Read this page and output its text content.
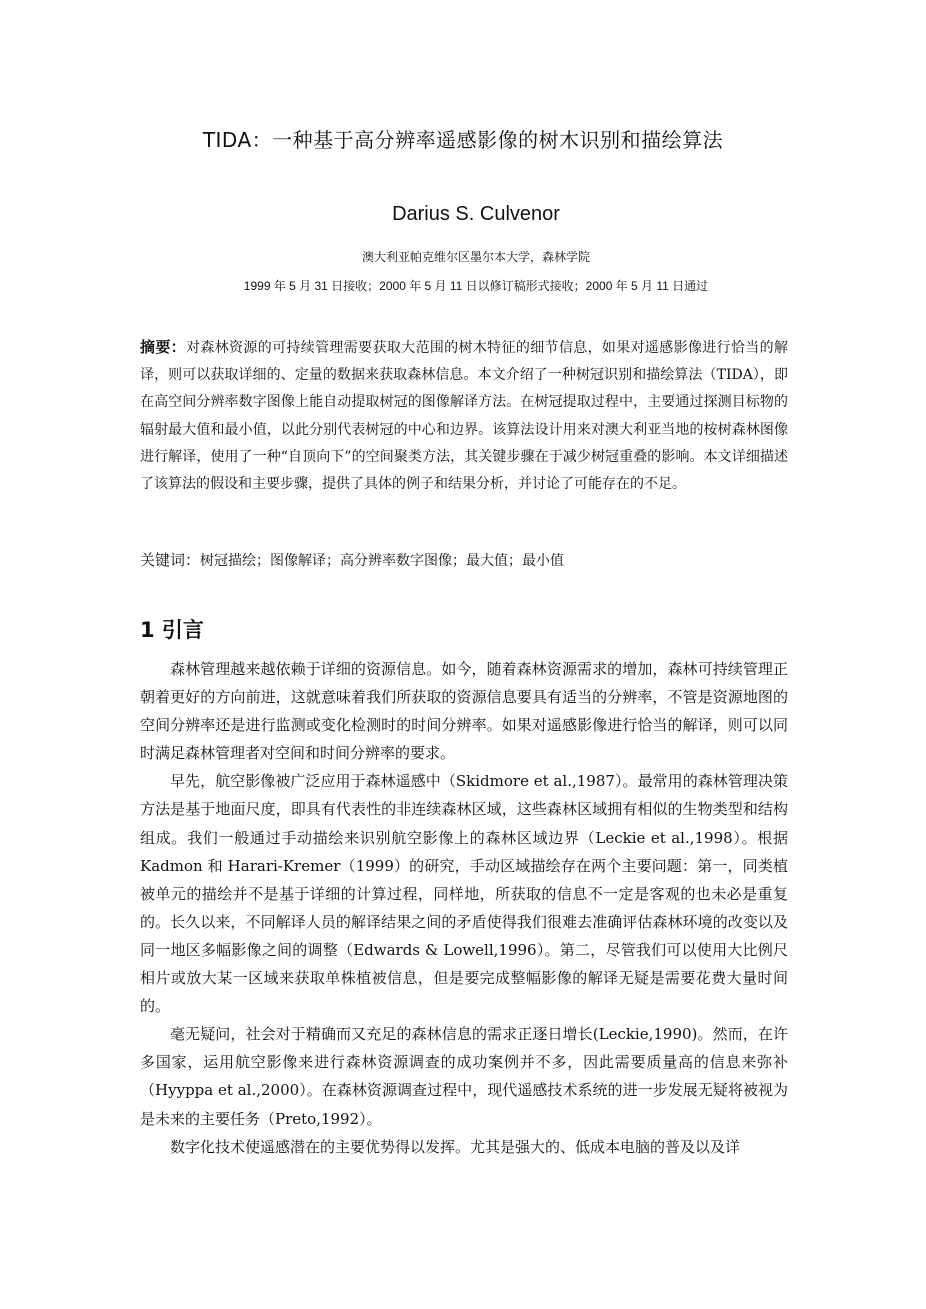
TIDA：一种基于高分辨率遥感影像的树木识别和描绘算法
Darius S. Culvenor
澳大利亚帕克维尔区墨尔本大学，森林学院
1999 年 5 月 31 日接收；2000 年 5 月 11 日以修订稿形式接收；2000 年 5 月 11 日通过
摘要：对森林资源的可持续管理需要获取大范围的树木特征的细节信息，如果对遥感影像进行恰当的解译，则可以获取详细的、定量的数据来获取森林信息。本文介绍了一种树冠识别和描绘算法（TIDA），即在高空间分辨率数字图像上能自动提取树冠的图像解译方法。在树冠提取过程中，主要通过探测目标物的辐射最大值和最小值，以此分别代表树冠的中心和边界。该算法设计用来对澳大利亚当地的桉树森林图像进行解译，使用了一种“自顶向下”的空间聚类方法，其关键步骤在于减少树冠重叠的影响。本文详细描述了该算法的假设和主要步骤，提供了具体的例子和结果分析，并讨论了可能存在的不足。
关键词：树冠描绘；图像解译；高分辨率数字图像；最大值；最小值
1 引言

森林管理越来越依赖于详细的资源信息。如今，随着森林资源需求的增加，森林可持续管理正朝着更好的方向前进，这就意味着我们所获取的资源信息要具有适当的分辨率，不管是资源地图的空间分辨率还是进行监测或变化检测时的时间分辨率。如果对遥感影像进行恰当的解译，则可以同时满足森林管理者对空间和时间分辨率的要求。

早先，航空影像被广泛应用于森林遥感中（Skidmore et al.,1987）。最常用的森林管理决策方法是基于地面尺度，即具有代表性的非连续森林区域，这些森林区域拥有相似的生物类型和结构组成。我们一般通过手动描绘来识别航空影像上的森林区域边界（Leckie et al.,1998）。根据 Kadmon 和 Harari-Kremer（1999）的研究，手动区域描绘存在两个主要问题：第一，同类植被单元的描绘并不是基于详细的计算过程，同样地，所获取的信息不一定是客观的也未必是重复的。长久以来，不同解译人员的解译结果之间的矛盾使得我们很难去准确评估森林环境的改变以及同一地区多幅影像之间的调整（Edwards & Lowell,1996）。第二，尽管我们可以使用大比例尺相片或放大某一区域来获取单株植被信息，但是要完成整幅影像的解译无疑是需要花费大量时间的。

毫无疑问，社会对于精确而又充足的森林信息的需求正逐日增长(Leckie,1990)。然而，在许多国家，运用航空影像来进行森林资源调查的成功案例并不多，因此需要质量高的信息来弥补（Hyyppa et al.,2000）。在森林资源调查过程中，现代遥感技术系统的进一步发展无疑将被视为是未来的主要任务（Preto,1992）。

数字化技术使遥感潜在的主要优势得以发挥。尤其是强大的、低成本电脑的普及以及详
